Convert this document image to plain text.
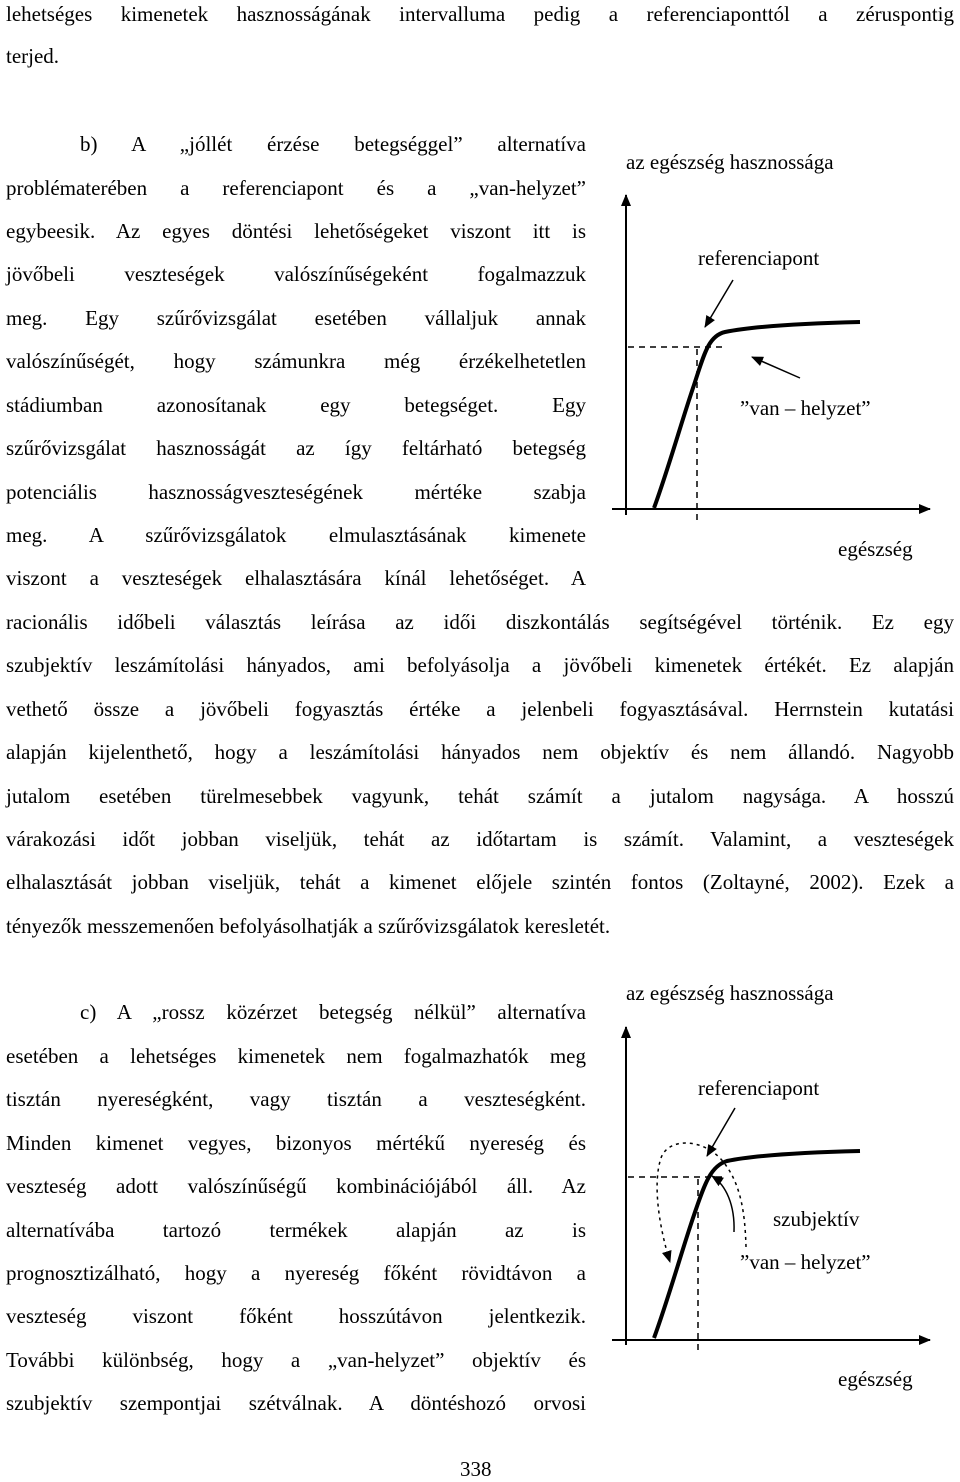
lehetséges kimenetek hasznosságának intervalluma pedig a referenciaponttól a zéruspontig
terjed.
b) A „jóllét érzése betegséggel” alternatíva
problématerében a referenciapont és a „van-helyzet”
egybeesik. Az egyes döntési lehetőségeket viszont itt is
jövőbeli veszteségek valószínűségeként fogalmazzuk
meg. Egy szűrővizsgálat esetében vállaljuk annak
valószínűségét, hogy számunkra még érzékelhetetlen
stádiumban azonosítanak egy betegséget. Egy
szűrővizsgálat hasznosságát az így feltárható betegség
potenciális hasznosságveszteségének mértéke szabja
meg. A szűrővizsgálatok elmulasztásának kimenete
viszont a veszteségek elhalasztására kínál lehetőséget. A
racionális időbeli választás leírása az idői diszkontálás segítségével történik. Ez egy
szubjektív leszámítolási hányados, ami befolyásolja a jövőbeli kimenetek értékét. Ez alapján
vethető össze a jövőbeli fogyasztás értéke a jelenbeli fogyasztásával. Herrnstein kutatási
alapján kijelenthető, hogy a leszámítolási hányados nem objektív és nem állandó. Nagyobb
jutalom esetében türelmesebbek vagyunk, tehát számít a jutalom nagysága. A hosszú
várakozási időt jobban viseljük, tehát az időtartam is számít. Valamint, a veszteségek
elhalasztását jobban viseljük, tehát a kimenet előjele szintén fontos (Zoltayné, 2002). Ezek a
tényezők messzemenően befolyásolhatják a szűrővizsgálatok keresletét.
az egészség hasznossága
referenciapont
”van – helyzet”
egészség
c) A „rossz közérzet betegség nélkül” alternatíva
esetében a lehetséges kimenetek nem fogalmazhatók meg
tisztán nyereségként, vagy tisztán a veszteségként.
Minden kimenet vegyes, bizonyos mértékű nyereség és
veszteség adott valószínűségű kombinációjából áll. Az
alternatívába tartozó termékek alapján az is
prognosztizálható, hogy a nyereség főként rövidtávon a
veszteség viszont főként hosszútávon jelentkezik.
További különbség, hogy a „van-helyzet” objektív és
szubjektív szempontjai szétválnak. A döntéshozó orvosi
az egészség hasznossága
referenciapont
szubjektív
”van – helyzet”
egészség
338
